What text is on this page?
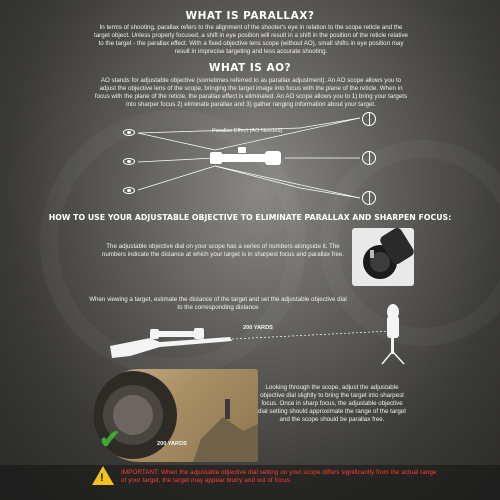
WHAT IS PARALLAX?
In terms of shooting, parallax refers to the alignment of the shooter's eye in relation to the scope reticle and the target object. Unless properly focused, a shift in eye position will result in a shift in the position of the reticle relative to the target - the parallax effect. With a fixed objective lens scope (without AO), small shifts in eye position may result in imprecise targeting and less accurate shooting.
WHAT IS AO?
AO stands for adjustable objective (sometimes referred to as parallax adjustment). An AO scope allows you to adjust the objective lens of the scope, bringing the target image into focus with the plane of the reticle. When in focus with the plane of the reticle, the parallax effect is eliminated. An AO scope allows you to 1) bring your targets into sharper focus 2) eliminate parallax and 3) gather ranging information about your target.
Parallax Effect (AO Needed)
HOW TO USE YOUR ADJUSTABLE OBJECTIVE TO ELIMINATE PARALLAX AND SHARPEN FOCUS:
The adjustable objective dial on your scope has a series of numbers alongside it. The numbers indicate the distance at which your target is in sharpest focus and parallax free.
When viewing a target, estimate the distance of the target and set the adjustable objective dial to the corresponding distance
200 YARDS
✔	200 YARDS
Looking through the scope, adjust the adjustable objective dial slightly to bring the target into sharpest focus. Once in sharp focus, the adjustable objective dial setting should approximate the range of the target and the scope should be parallax free.
!	IMPORTANT: When the adjustable objective dial setting on your scope differs significantly from the actual range of your target, the target may appear blurry and out of focus.
